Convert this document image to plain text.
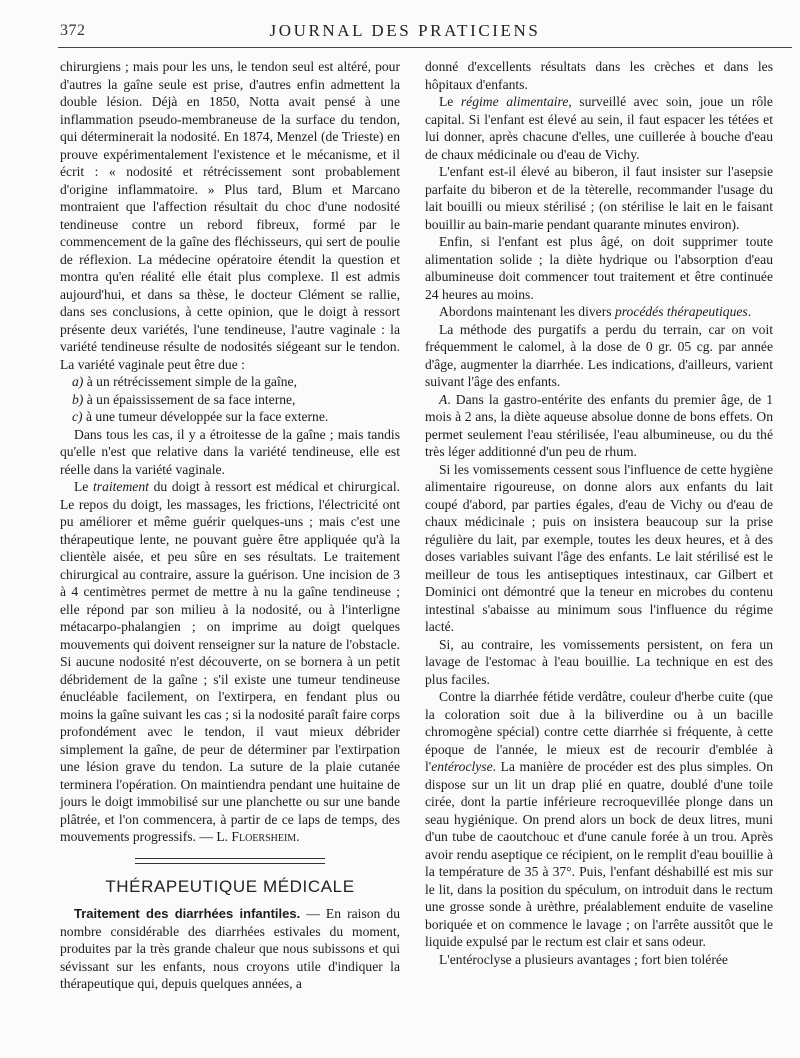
372	JOURNAL DES PRATICIENS

chirurgiens ; mais pour les uns, le tendon seul est altéré, pour d'autres la gaîne seule est prise, d'autres enfin admettent la double lésion. Déjà en 1850, Notta avait pensé à une inflammation pseudo-membraneuse de la surface du tendon, qui déterminerait la nodosité. En 1874, Menzel (de Trieste) en prouve expérimentalement l'existence et le mécanisme, et il écrit : « nodosité et rétrécissement sont probablement d'origine inflammatoire. » Plus tard, Blum et Marcano montraient que l'affection résultait du choc d'une nodosité tendineuse contre un rebord fibreux, formé par le commencement de la gaîne des fléchisseurs, qui sert de poulie de réflexion. La médecine opératoire étendit la question et montra qu'en réalité elle était plus complexe. Il est admis aujourd'hui, et dans sa thèse, le docteur Clément se rallie, dans ses conclusions, à cette opinion, que le doigt à ressort présente deux variétés, l'une tendineuse, l'autre vaginale : la variété tendineuse résulte de nodosités siégeant sur le tendon. La variété vaginale peut être due :

a) à un rétrécissement simple de la gaîne,

b) à un épaississement de sa face interne,

c) à une tumeur développée sur la face externe.

Dans tous les cas, il y a étroitesse de la gaîne ; mais tandis qu'elle n'est que relative dans la variété tendineuse, elle est réelle dans la variété vaginale.

Le traitement du doigt à ressort est médical et chirurgical. Le repos du doigt, les massages, les frictions, l'électricité ont pu améliorer et même guérir quelques-uns ; mais c'est une thérapeutique lente, ne pouvant guère être appliquée qu'à la clientèle aisée, et peu sûre en ses résultats. Le traitement chirurgical au contraire, assure la guérison. Une incision de 3 à 4 centimètres permet de mettre à nu la gaîne tendineuse ; elle répond par son milieu à la nodosité, ou à l'interligne métacarpo-phalangien ; on imprime au doigt quelques mouvements qui doivent renseigner sur la nature de l'obstacle. Si aucune nodosité n'est découverte, on se bornera à un petit débridement de la gaîne ; s'il existe une tumeur tendineuse énucléable facilement, on l'extirpera, en fendant plus ou moins la gaîne suivant les cas ; si la nodosité paraît faire corps profondément avec le tendon, il vaut mieux débrider simplement la gaîne, de peur de déterminer par l'extirpation une lésion grave du tendon. La suture de la plaie cutanée terminera l'opération. On maintiendra pendant une huitaine de jours le doigt immobilisé sur une planchette ou sur une bande plâtrée, et l'on commencera, à partir de ce laps de temps, des mouvements progressifs. — L. Floersheim.

THÉRAPEUTIQUE MÉDICALE

Traitement des diarrhées infantiles. — En raison du nombre considérable des diarrhées estivales du moment, produites par la très grande chaleur que nous subissons et qui sévissant sur les enfants, nous croyons utile d'indiquer la thérapeutique qui, depuis quelques années, a

donné d'excellents résultats dans les crèches et dans les hôpitaux d'enfants.

Le régime alimentaire, surveillé avec soin, joue un rôle capital. Si l'enfant est élevé au sein, il faut espacer les tétées et lui donner, après chacune d'elles, une cuillerée à bouche d'eau de chaux médicinale ou d'eau de Vichy.

L'enfant est-il élevé au biberon, il faut insister sur l'asepsie parfaite du biberon et de la tèterelle, recommander l'usage du lait bouilli ou mieux stérilisé ; (on stérilise le lait en le faisant bouillir au bain-marie pendant quarante minutes environ).

Enfin, si l'enfant est plus âgé, on doit supprimer toute alimentation solide ; la diète hydrique ou l'absorption d'eau albumineuse doit commencer tout traitement et être continuée 24 heures au moins.

Abordons maintenant les divers procédés thérapeutiques.

La méthode des purgatifs a perdu du terrain, car on voit fréquemment le calomel, à la dose de 0 gr. 05 cg. par année d'âge, augmenter la diarrhée. Les indications, d'ailleurs, varient suivant l'âge des enfants.

A. Dans la gastro-entérite des enfants du premier âge, de 1 mois à 2 ans, la diète aqueuse absolue donne de bons effets. On permet seulement l'eau stérilisée, l'eau albumineuse, ou du thé très léger additionné d'un peu de rhum.

Si les vomissements cessent sous l'influence de cette hygiène alimentaire rigoureuse, on donne alors aux enfants du lait coupé d'abord, par parties égales, d'eau de Vichy ou d'eau de chaux médicinale ; puis on insistera beaucoup sur la prise régulière du lait, par exemple, toutes les deux heures, et à des doses variables suivant l'âge des enfants. Le lait stérilisé est le meilleur de tous les antiseptiques intestinaux, car Gilbert et Dominici ont démontré que la teneur en microbes du contenu intestinal s'abaisse au minimum sous l'influence du régime lacté.

Si, au contraire, les vomissements persistent, on fera un lavage de l'estomac à l'eau bouillie. La technique en est des plus faciles.

Contre la diarrhée fétide verdâtre, couleur d'herbe cuite (que la coloration soit due à la biliverdine ou à un bacille chromogène spécial) contre cette diarrhée si fréquente, à cette époque de l'année, le mieux est de recourir d'emblée à l'entéroclyse. La manière de procéder est des plus simples. On dispose sur un lit un drap plié en quatre, doublé d'une toile cirée, dont la partie inférieure recroquevillée plonge dans un seau hygiénique. On prend alors un bock de deux litres, muni d'un tube de caoutchouc et d'une canule forée à un trou. Après avoir rendu aseptique ce récipient, on le remplit d'eau bouillie à la température de 35 à 37°. Puis, l'enfant déshabillé est mis sur le lit, dans la position du spéculum, on introduit dans le rectum une grosse sonde à urèthre, préalablement enduite de vaseline boriquée et on commence le lavage ; on l'arrête aussitôt que le liquide expulsé par le rectum est clair et sans odeur.

L'entéroclyse a plusieurs avantages ; fort bien tolérée
